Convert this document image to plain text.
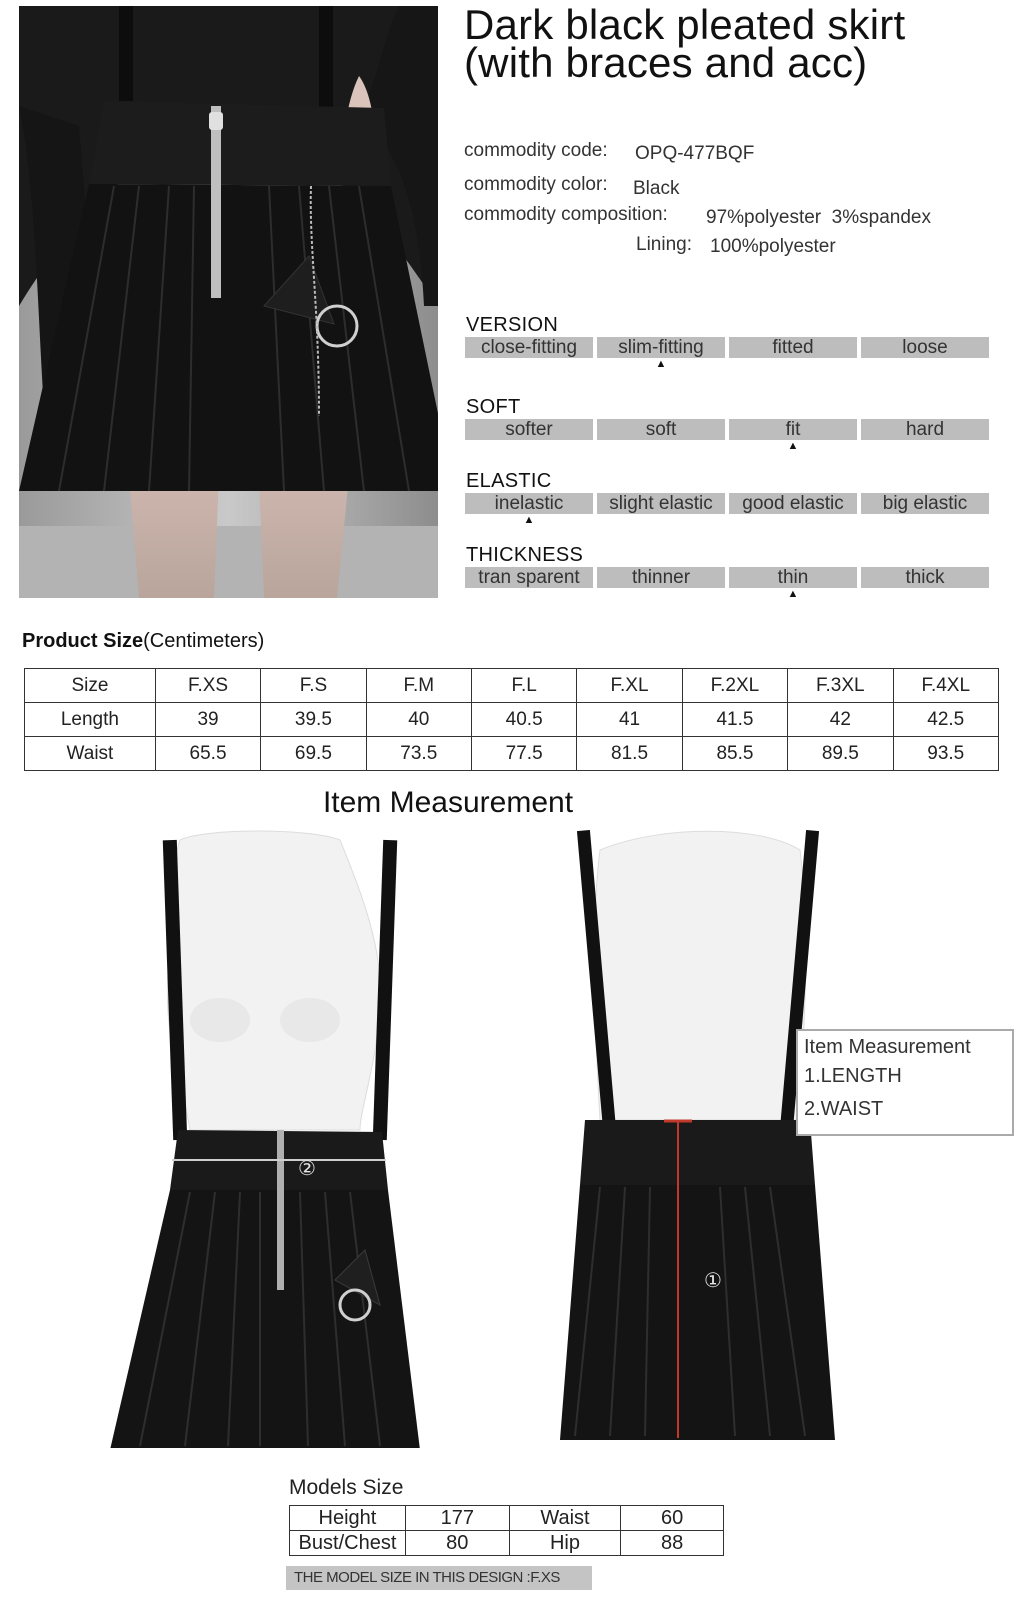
Dark black pleated skirt
(with braces and acc)
commodity code: OPQ-477BQF
commodity color: Black
commodity composition: 97%polyester  3%spandex
Lining: 100%polyester
VERSION
close-fitting	slim-fitting	fitted	loose
▲
SOFT
softer	soft	fit	hard
▲
ELASTIC
inelastic	slight elastic	good elastic	big elastic
▲
THICKNESS
tran sparent	thinner	thin	thick
▲
Product Size(Centimeters)
Size	F.XS	F.S	F.M	F.L	F.XL	F.2XL	F.3XL	F.4XL
Length	39	39.5	40	40.5	41	41.5	42	42.5
Waist	65.5	69.5	73.5	77.5	81.5	85.5	89.5	93.5
Item Measurement
②
①
Item Measurement
1.LENGTH
2.WAIST
Models Size
Height	177	Waist	60
Bust/Chest	80	Hip	88
THE MODEL SIZE IN THIS DESIGN :F.XS
